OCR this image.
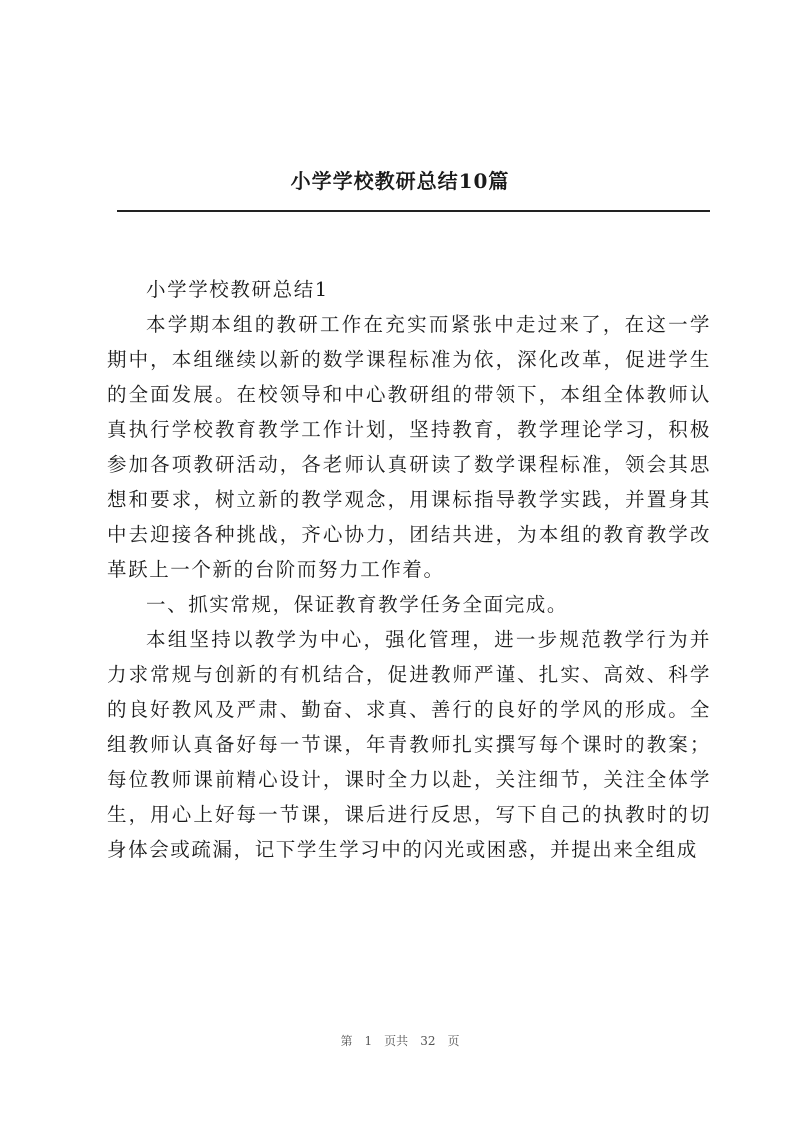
小学学校教研总结10篇

小学学校教研总结1

本学期本组的教研工作在充实而紧张中走过来了，在这一学期中，本组继续以新的数学课程标准为依，深化改革，促进学生的全面发展。在校领导和中心教研组的带领下，本组全体教师认真执行学校教育教学工作计划，坚持教育，教学理论学习，积极参加各项教研活动，各老师认真研读了数学课程标准，领会其思想和要求，树立新的教学观念，用课标指导教学实践，并置身其中去迎接各种挑战，齐心协力，团结共进，为本组的教育教学改革跃上一个新的台阶而努力工作着。

一、抓实常规，保证教育教学任务全面完成。

本组坚持以教学为中心，强化管理，进一步规范教学行为并力求常规与创新的有机结合，促进教师严谨、扎实、高效、科学的良好教风及严肃、勤奋、求真、善行的良好的学风的形成。全组教师认真备好每一节课，年青教师扎实撰写每个课时的教案；每位教师课前精心设计，课时全力以赴，关注细节，关注全体学生，用心上好每一节课，课后进行反思，写下自己的执教时的切身体会或疏漏，记下学生学习中的闪光或困惑，并提出来全组成

第 1 页共 32 页
